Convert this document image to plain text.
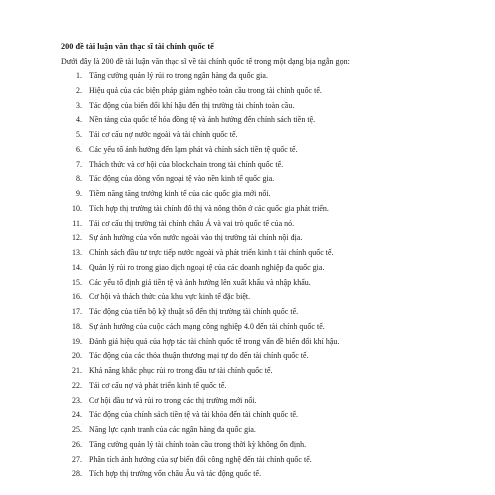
200 đề tài luận văn thạc sĩ tài chính quốc tế
Dưới đây là 200 đề tài luận văn thạc sĩ về tài chính quốc tế trong một dạng bịa ngẫn gọn:
1. Tăng cường quản lý rủi ro trong ngân hàng đa quốc gia.
2. Hiệu quả của các biện pháp giảm nghèo toàn cầu trong tài chính quốc tế.
3. Tác động của biến đổi khí hậu đến thị trường tài chính toàn cầu.
4. Nền tảng của quốc tế hóa đồng tệ và ảnh hưởng đến chính sách tiền tệ.
5. Tái cơ cấu nợ nước ngoài và tài chính quốc tế.
6. Các yếu tố ảnh hưởng đến lạm phát và chính sách tiền tệ quốc tế.
7. Thách thức và cơ hội của blockchain trong tài chính quốc tế.
8. Tác động của dòng vốn ngoại tệ vào nền kinh tế quốc gia.
9. Tiềm năng tăng trưởng kinh tế của các quốc gia mới nổi.
10. Tích hợp thị trường tài chính đô thị và nông thôn ở các quốc gia phát triển.
11. Tái cơ cấu thị trường tài chính châu Á và vai trò quốc tế của nó.
12. Sự ảnh hưởng của vốn nước ngoài vào thị trường tài chính nội địa.
13. Chính sách đầu tư trực tiếp nước ngoài và phát triển kinh t tài chính quốc tế.
14. Quản lý rủi ro trong giao dịch ngoại tệ của các doanh nghiệp đa quốc gia.
15. Các yếu tố định giá tiền tệ và ảnh hưởng lên xuất khẩu và nhập khẩu.
16. Cơ hội và thách thức của khu vực kinh tế đặc biệt.
17. Tác động của tiến bộ kỹ thuật số đến thị trường tài chính quốc tế.
18. Sự ảnh hưởng của cuộc cách mạng công nghiệp 4.0 đến tài chính quốc tế.
19. Đánh giá hiệu quả của hợp tác tài chính quốc tế trong vấn đề biến đổi khí hậu.
20. Tác động của các thỏa thuận thương mại tự do đến tài chính quốc tế.
21. Khả năng khắc phục rủi ro trong đầu tư tài chính quốc tế.
22. Tái cơ cấu nợ và phát triển kinh tế quốc tế.
23. Cơ hội đầu tư và rủi ro trong các thị trường mới nổi.
24. Tác động của chính sách tiền tệ và tài khóa đến tài chính quốc tế.
25. Năng lực cạnh tranh của các ngân hàng đa quốc gia.
26. Tăng cường quản lý tài chính toàn cầu trong thời kỳ không ổn định.
27. Phân tích ảnh hưởng của sự biến đổi công nghệ đến tài chính quốc tế.
28. Tích hợp thị trường vốn châu Âu và tác động quốc tế.
